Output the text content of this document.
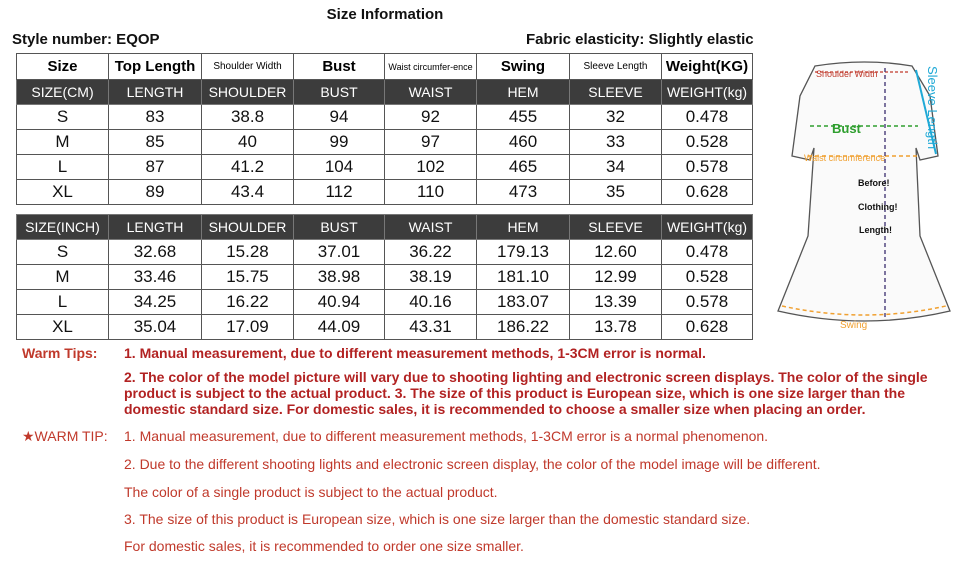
Size Information
Style number: EQOP	Fabric elasticity: Slightly elastic
Size	Top Length	Shoulder Width	Bust	Waist circumfer-ence	Swing	Sleeve Length	Weight(KG)
SIZE(CM)	LENGTH	SHOULDER	BUST	WAIST	HEM	SLEEVE	WEIGHT(kg)
S	83	38.8	94	92	455	32	0.478
M	85	40	99	97	460	33	0.528
L	87	41.2	104	102	465	34	0.578
XL	89	43.4	112	110	473	35	0.628
SIZE(INCH)	LENGTH	SHOULDER	BUST	WAIST	HEM	SLEEVE	WEIGHT(kg)
S	32.68	15.28	37.01	36.22	179.13	12.60	0.478
M	33.46	15.75	38.98	38.19	181.10	12.99	0.528
L	34.25	16.22	40.94	40.16	183.07	13.39	0.578
XL	35.04	17.09	44.09	43.31	186.22	13.78	0.628
Shoulder Width
Bust
Waist circumference
Before!
Clothing!
Length!
Swing
Sleeve Length
Warm Tips: 1. Manual measurement, due to different measurement methods, 1-3CM error is normal.
2. The color of the model picture will vary due to shooting lighting and electronic screen displays. The color of the single product is subject to the actual product. 3. The size of this product is European size, which is one size larger than the domestic standard size. For domestic sales, it is recommended to choose a smaller size when placing an order.
★WARM TIP: 1. Manual measurement, due to different measurement methods, 1-3CM error is a normal phenomenon.
2. Due to the different shooting lights and electronic screen display, the color of the model image will be different.
The color of a single product is subject to the actual product.
3. The size of this product is European size, which is one size larger than the domestic standard size.
For domestic sales, it is recommended to order one size smaller.
